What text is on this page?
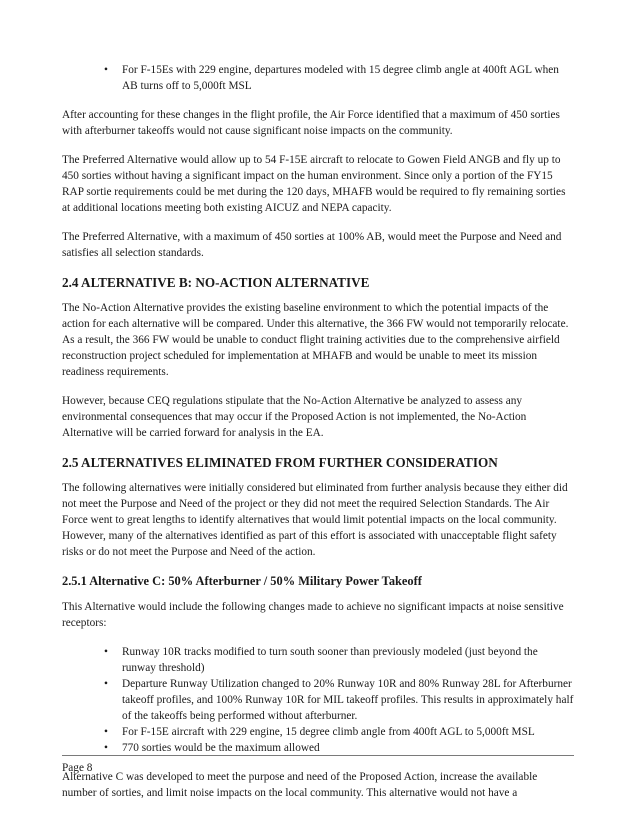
• For F-15Es with 229 engine, departures modeled with 15 degree climb angle at 400ft AGL when AB turns off to 5,000ft MSL

After accounting for these changes in the flight profile, the Air Force identified that a maximum of 450 sorties with afterburner takeoffs would not cause significant noise impacts on the community.

The Preferred Alternative would allow up to 54 F-15E aircraft to relocate to Gowen Field ANGB and fly up to 450 sorties without having a significant impact on the human environment. Since only a portion of the FY15 RAP sortie requirements could be met during the 120 days, MHAFB would be required to fly remaining sorties at additional locations meeting both existing AICUZ and NEPA capacity.

The Preferred Alternative, with a maximum of 450 sorties at 100% AB, would meet the Purpose and Need and satisfies all selection standards.

2.4 ALTERNATIVE B: NO-ACTION ALTERNATIVE

The No-Action Alternative provides the existing baseline environment to which the potential impacts of the action for each alternative will be compared. Under this alternative, the 366 FW would not temporarily relocate. As a result, the 366 FW would be unable to conduct flight training activities due to the comprehensive airfield reconstruction project scheduled for implementation at MHAFB and would be unable to meet its mission readiness requirements.

However, because CEQ regulations stipulate that the No-Action Alternative be analyzed to assess any environmental consequences that may occur if the Proposed Action is not implemented, the No-Action Alternative will be carried forward for analysis in the EA.

2.5 ALTERNATIVES ELIMINATED FROM FURTHER CONSIDERATION

The following alternatives were initially considered but eliminated from further analysis because they either did not meet the Purpose and Need of the project or they did not meet the required Selection Standards. The Air Force went to great lengths to identify alternatives that would limit potential impacts on the local community. However, many of the alternatives identified as part of this effort is associated with unacceptable flight safety risks or do not meet the Purpose and Need of the action.

2.5.1 Alternative C: 50% Afterburner / 50% Military Power Takeoff

This Alternative would include the following changes made to achieve no significant impacts at noise sensitive receptors:

• Runway 10R tracks modified to turn south sooner than previously modeled (just beyond the runway threshold)
• Departure Runway Utilization changed to 20% Runway 10R and 80% Runway 28L for Afterburner takeoff profiles, and 100% Runway 10R for MIL takeoff profiles. This results in approximately half of the takeoffs being performed without afterburner.
• For F-15E aircraft with 229 engine, 15 degree climb angle from 400ft AGL to 5,000ft MSL
• 770 sorties would be the maximum allowed

Alternative C was developed to meet the purpose and need of the Proposed Action, increase the available number of sorties, and limit noise impacts on the local community. This alternative would not have a

Page 8
